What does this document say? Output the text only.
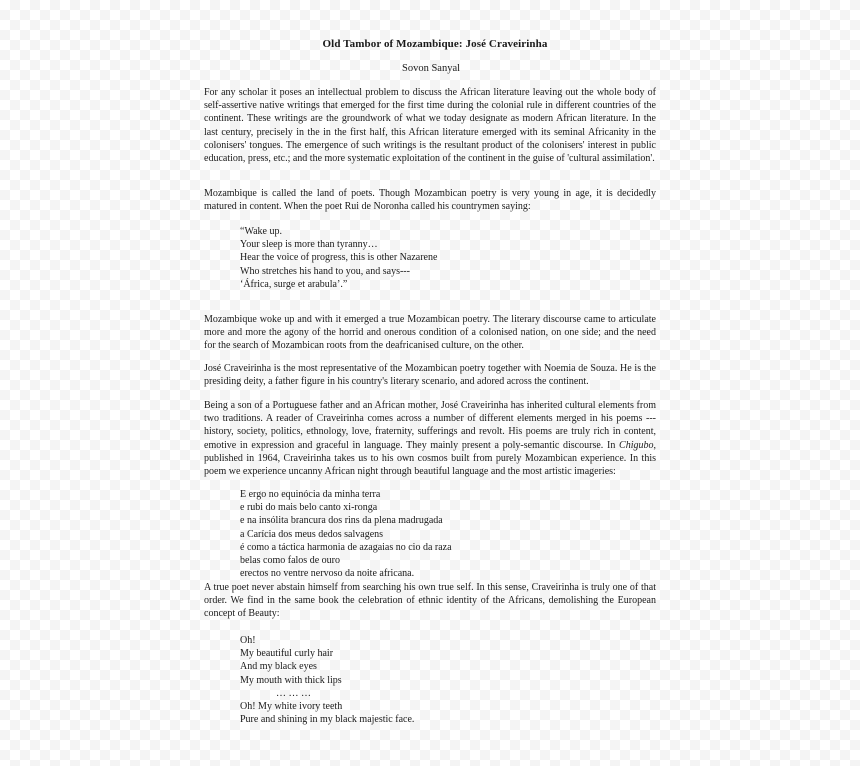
Old Tambor of Mozambique: José Craveirinha
Sovon Sanyal

For any scholar it poses an intellectual problem to discuss the African literature leaving out the whole body of self-assertive native writings that emerged for the first time during the colonial rule in different countries of the continent. These writings are the groundwork of what we today designate as modern African literature. In the last century, precisely in the in the first half, this African literature emerged with its seminal Africanity in the colonisers' tongues. The emergence of such writings is the resultant product of the colonisers' interest in public education, press, etc.; and the more systematic exploitation of the continent in the guise of 'cultural assimilation'.

Mozambique is called the land of poets. Though Mozambican poetry is very young in age, it is decidedly matured in content. When the poet Rui de Noronha called his countrymen saying:

“Wake up.
Your sleep is more than tyranny…
Hear the voice of progress, this is other Nazarene
Who stretches his hand to you, and says---
‘África, surge et arabula’.”

Mozambique woke up and with it emerged a true Mozambican poetry. The literary discourse came to articulate more and more the agony of the horrid and onerous condition of a colonised nation, on one side; and the need for the search of Mozambican roots from the deafricanised culture, on the other.

José Craveirinha is the most representative of the Mozambican poetry together with Noemia de Souza. He is the presiding deity, a father figure in his country's literary scenario, and adored across the continent.

Being a son of a Portuguese father and an African mother, José Craveirinha has inherited cultural elements from two traditions. A reader of Craveirinha comes across a number of different elements merged in his poems --- history, society, politics, ethnology, love, fraternity, sufferings and revolt. His poems are truly rich in content, emotive in expression and graceful in language. They mainly present a poly-semantic discourse. In Chigubo, published in 1964, Craveirinha takes us to his own cosmos built from purely Mozambican experience. In this poem we experience uncanny African night through beautiful language and the most artistic imageries:

E ergo no equinócia da minha terra
e rubi do mais belo canto xi-ronga
e na insólita brancura dos rins da plena madrugada
a Carícia dos meus dedos salvagens
é como a táctica harmonia de azagaias no cio da raza
belas como falos de ouro
erectos no ventre nervoso da noite africana.

A true poet never abstain himself from searching his own true self. In this sense, Craveirinha is truly one of that order. We find in the same book the celebration of ethnic identity of the Africans, demolishing the European concept of Beauty:

Oh!
My beautiful curly hair
And my black eyes
My mouth with thick lips
… … …
Oh! My white ivory teeth
Pure and shining in my black majestic face.
